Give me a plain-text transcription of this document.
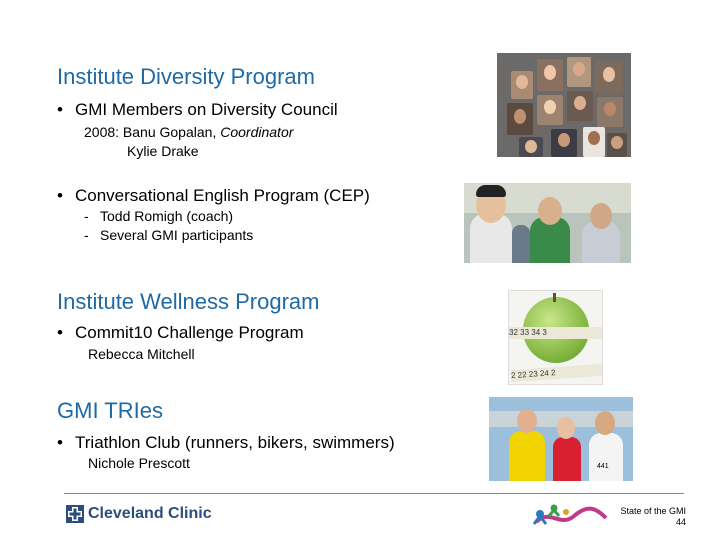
Institute Diversity Program
• GMI Members on Diversity Council
2008: Banu Gopalan, Coordinator
Kylie Drake
• Conversational English Program (CEP)
- Todd Romigh (coach)
- Several GMI participants
Institute Wellness Program
• Commit10 Challenge Program
Rebecca Mitchell
GMI TRIes
• Triathlon Club (runners, bikers, swimmers)
Nichole Prescott
32 33 34 3
2 22 23 24 2
441
Cleveland Clinic	State of the GMI
44
